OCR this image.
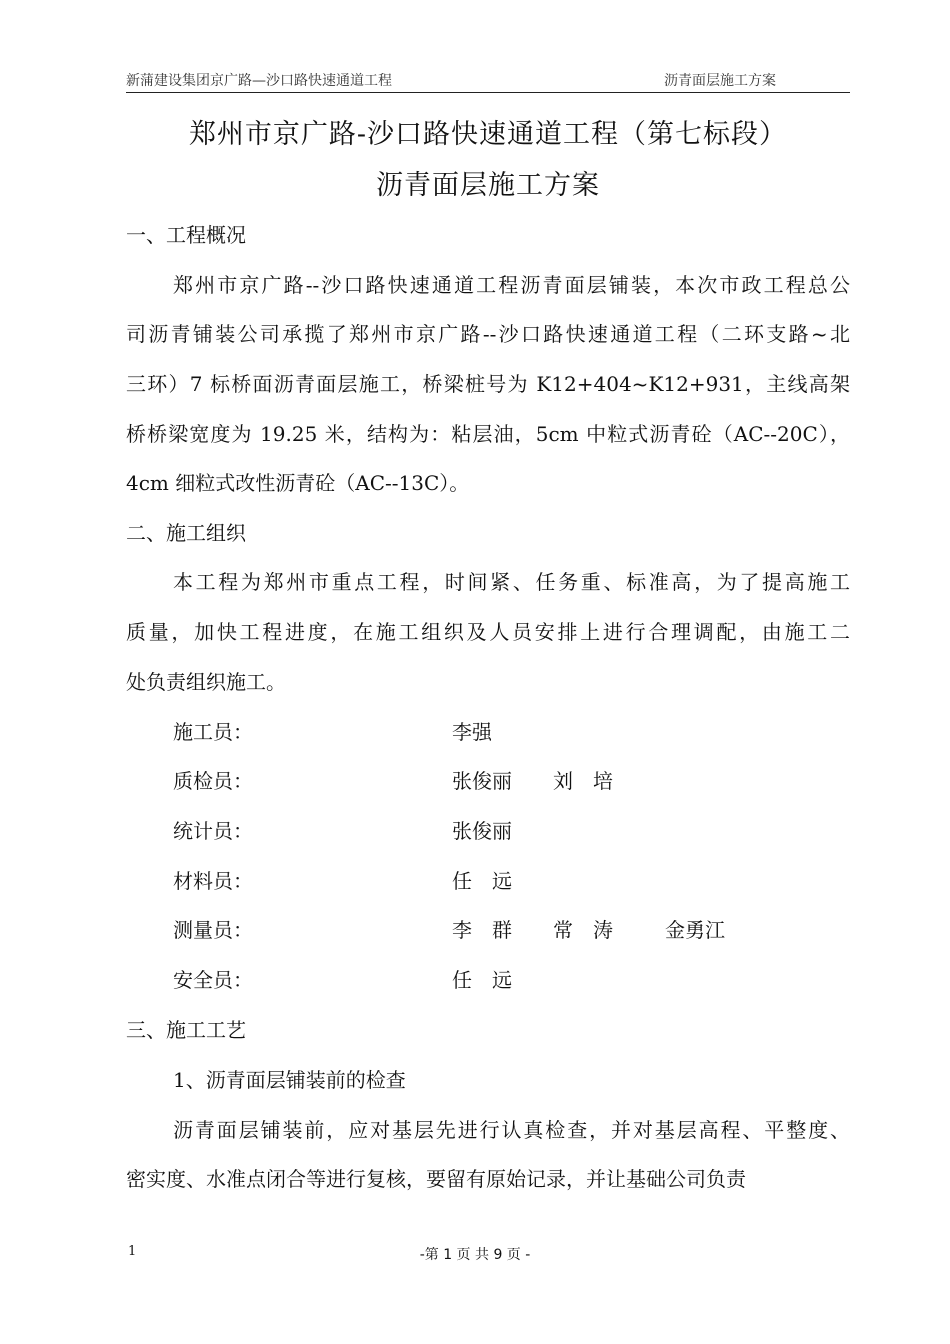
新蒲建设集团京广路—沙口路快速通道工程	沥青面层施工方案
郑州市京广路-沙口路快速通道工程（第七标段）
沥青面层施工方案
一、工程概况
郑州市京广路--沙口路快速通道工程沥青面层铺装，本次市政工程总公
司沥青铺装公司承揽了郑州市京广路--沙口路快速通道工程（二环支路~北
三环）7 标桥面沥青面层施工，桥梁桩号为 K12+404~K12+931，主线高架
桥桥梁宽度为 19.25 米，结构为：粘层油，5cm 中粒式沥青砼（AC--20C），
4cm 细粒式改性沥青砼（AC--13C）。
二、施工组织
本工程为郑州市重点工程，时间紧、任务重、标准高，为了提高施工
质量，加快工程进度，在施工组织及人员安排上进行合理调配，由施工二
处负责组织施工。
施工员：	李强
质检员：	张俊丽 刘　培
统计员：	张俊丽
材料员：	任　远
测量员：	李　群 常　涛	金勇江
安全员：	任　远
三、施工工艺
1、沥青面层铺装前的检查
沥青面层铺装前，应对基层先进行认真检查，并对基层高程、平整度、
密实度、水准点闭合等进行复核，要留有原始记录，并让基础公司负责
1	-第 1 页 共 9 页 -
